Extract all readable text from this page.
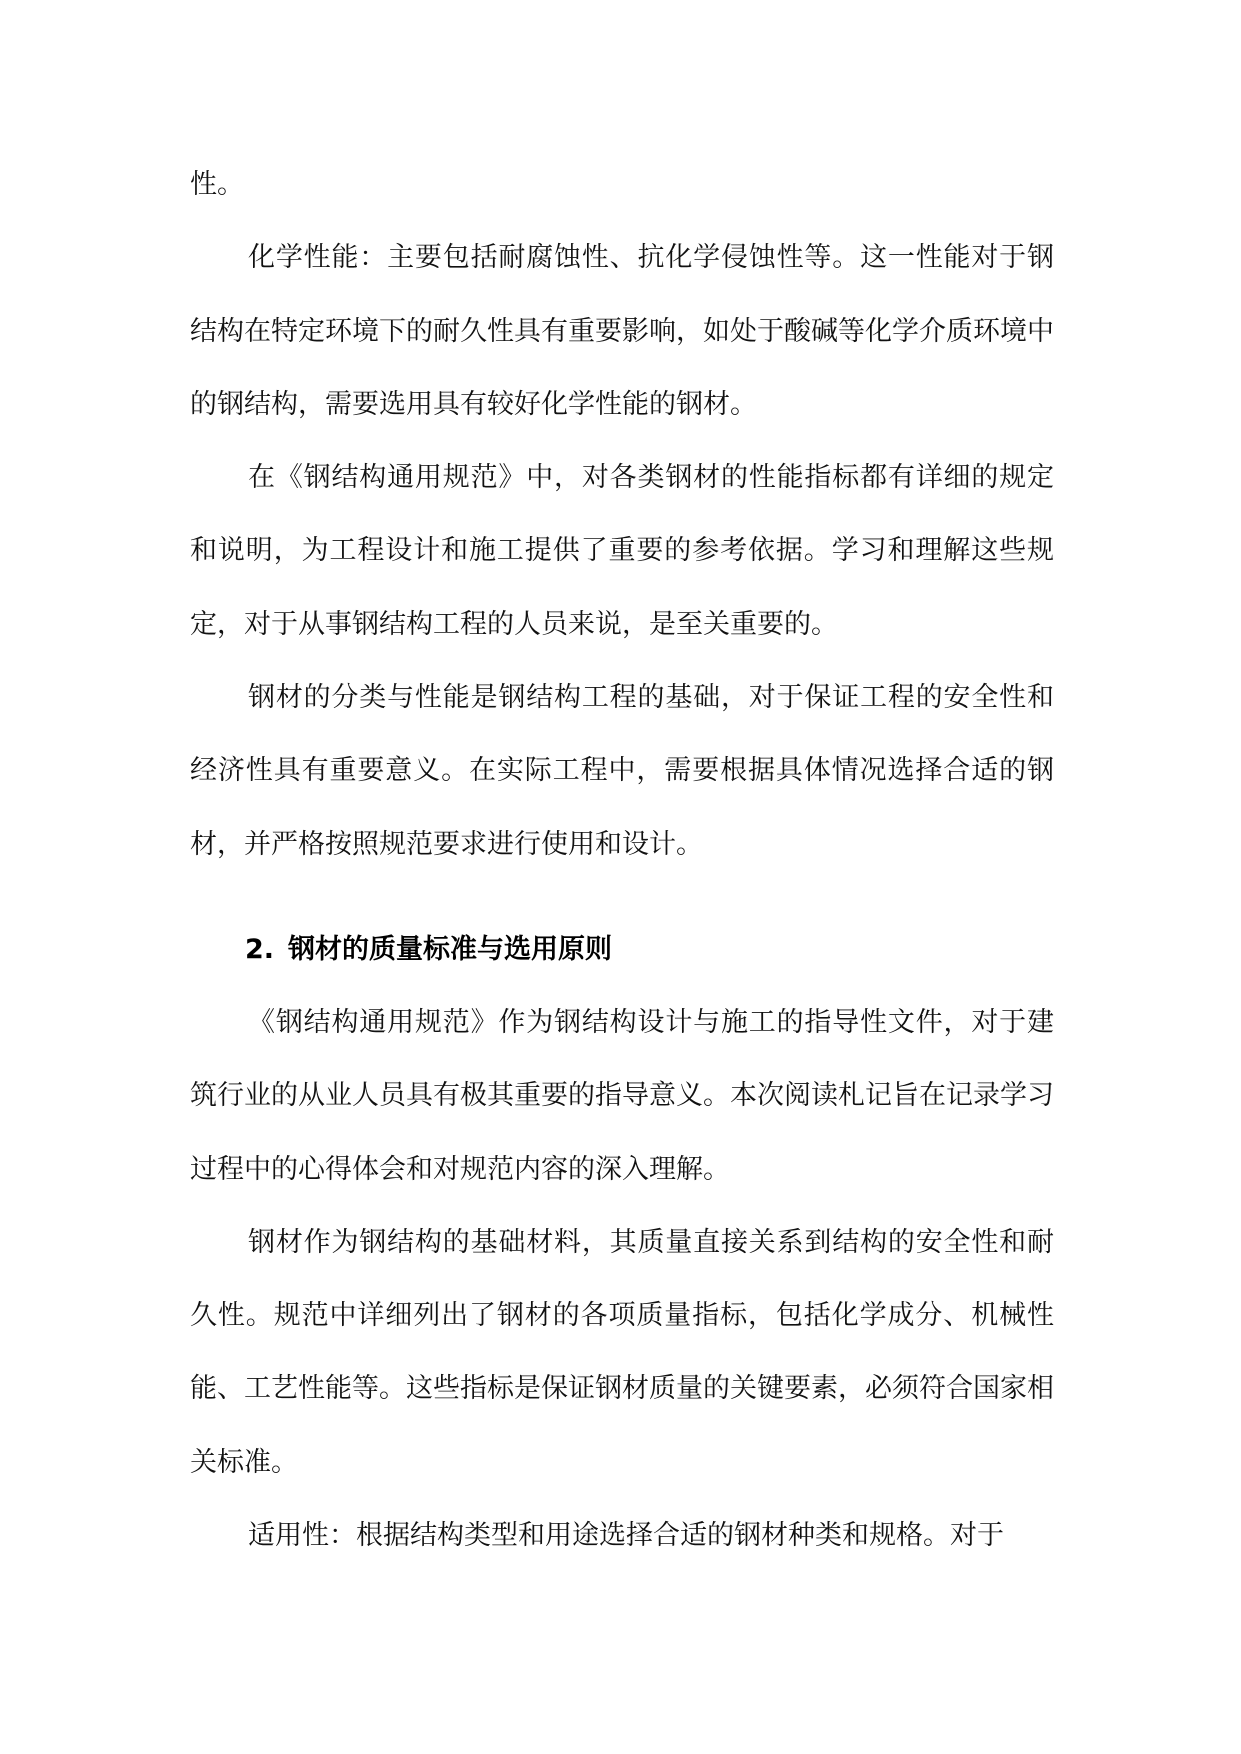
性。

化学性能：主要包括耐腐蚀性、抗化学侵蚀性等。这一性能对于钢结构在特定环境下的耐久性具有重要影响，如处于酸碱等化学介质环境中的钢结构，需要选用具有较好化学性能的钢材。

在《钢结构通用规范》中，对各类钢材的性能指标都有详细的规定和说明，为工程设计和施工提供了重要的参考依据。学习和理解这些规定，对于从事钢结构工程的人员来说，是至关重要的。

钢材的分类与性能是钢结构工程的基础，对于保证工程的安全性和经济性具有重要意义。在实际工程中，需要根据具体情况选择合适的钢材，并严格按照规范要求进行使用和设计。

2. 钢材的质量标准与选用原则

《钢结构通用规范》作为钢结构设计与施工的指导性文件，对于建筑行业的从业人员具有极其重要的指导意义。本次阅读札记旨在记录学习过程中的心得体会和对规范内容的深入理解。

钢材作为钢结构的基础材料，其质量直接关系到结构的安全性和耐久性。规范中详细列出了钢材的各项质量指标，包括化学成分、机械性能、工艺性能等。这些指标是保证钢材质量的关键要素，必须符合国家相关标准。

适用性：根据结构类型和用途选择合适的钢材种类和规格。对于
